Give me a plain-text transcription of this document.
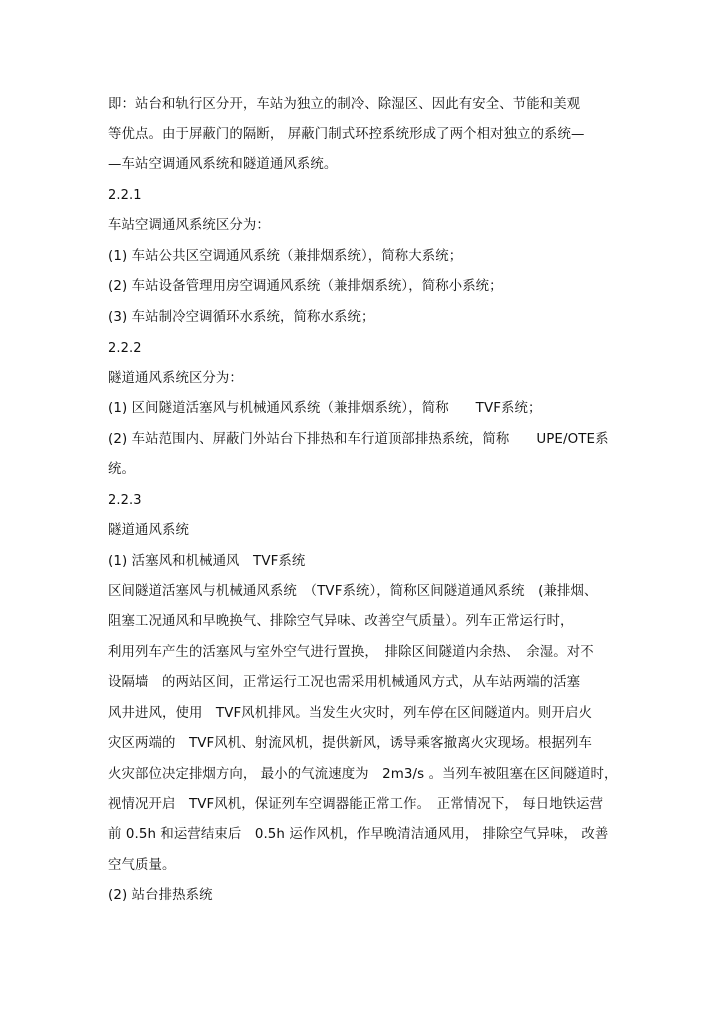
即：站台和轨行区分开，车站为独立的制冷、除湿区、因此有安全、节能和美观
等优点。由于屏蔽门的隔断， 屏蔽门制式环控系统形成了两个相对独立的系统—
—车站空调通风系统和隧道通风系统。
2.2.1
车站空调通风系统区分为：
(1) 车站公共区空调通风系统（兼排烟系统），简称大系统；
(2) 车站设备管理用房空调通风系统（兼排烟系统），简称小系统；
(3) 车站制冷空调循环水系统，简称水系统；
2.2.2
隧道通风系统区分为：
(1) 区间隧道活塞风与机械通风系统（兼排烟系统），简称　　TVF系统；
(2) 车站范围内、屏蔽门外站台下排热和车行道顶部排热系统，简称　　UPE/OTE系
统。
2.2.3
隧道通风系统
(1) 活塞风和机械通风　TVF系统
区间隧道活塞风与机械通风系统　（TVF系统），简称区间隧道通风系统　(兼排烟、
阻塞工况通风和早晚换气、排除空气异味、改善空气质量）。列车正常运行时，
利用列车产生的活塞风与室外空气进行置换，　排除区间隧道内余热、　余湿。对不
设隔墙　的两站区间，正常运行工况也需采用机械通风方式，从车站两端的活塞
风井进风，使用　TVF风机排风。当发生火灾时，列车停在区间隧道内。则开启火
灾区两端的　TVF风机、射流风机，提供新风，诱导乘客撤离火灾现场。根据列车
火灾部位决定排烟方向， 最小的气流速度为　2m3/s 。当列车被阻塞在区间隧道时，
视情况开启　TVF风机，保证列车空调器能正常工作。　正常情况下， 每日地铁运营
前 0.5h 和运营结束后　0.5h 运作风机，作早晚清洁通风用， 排除空气异味， 改善
空气质量。
(2) 站台排热系统
